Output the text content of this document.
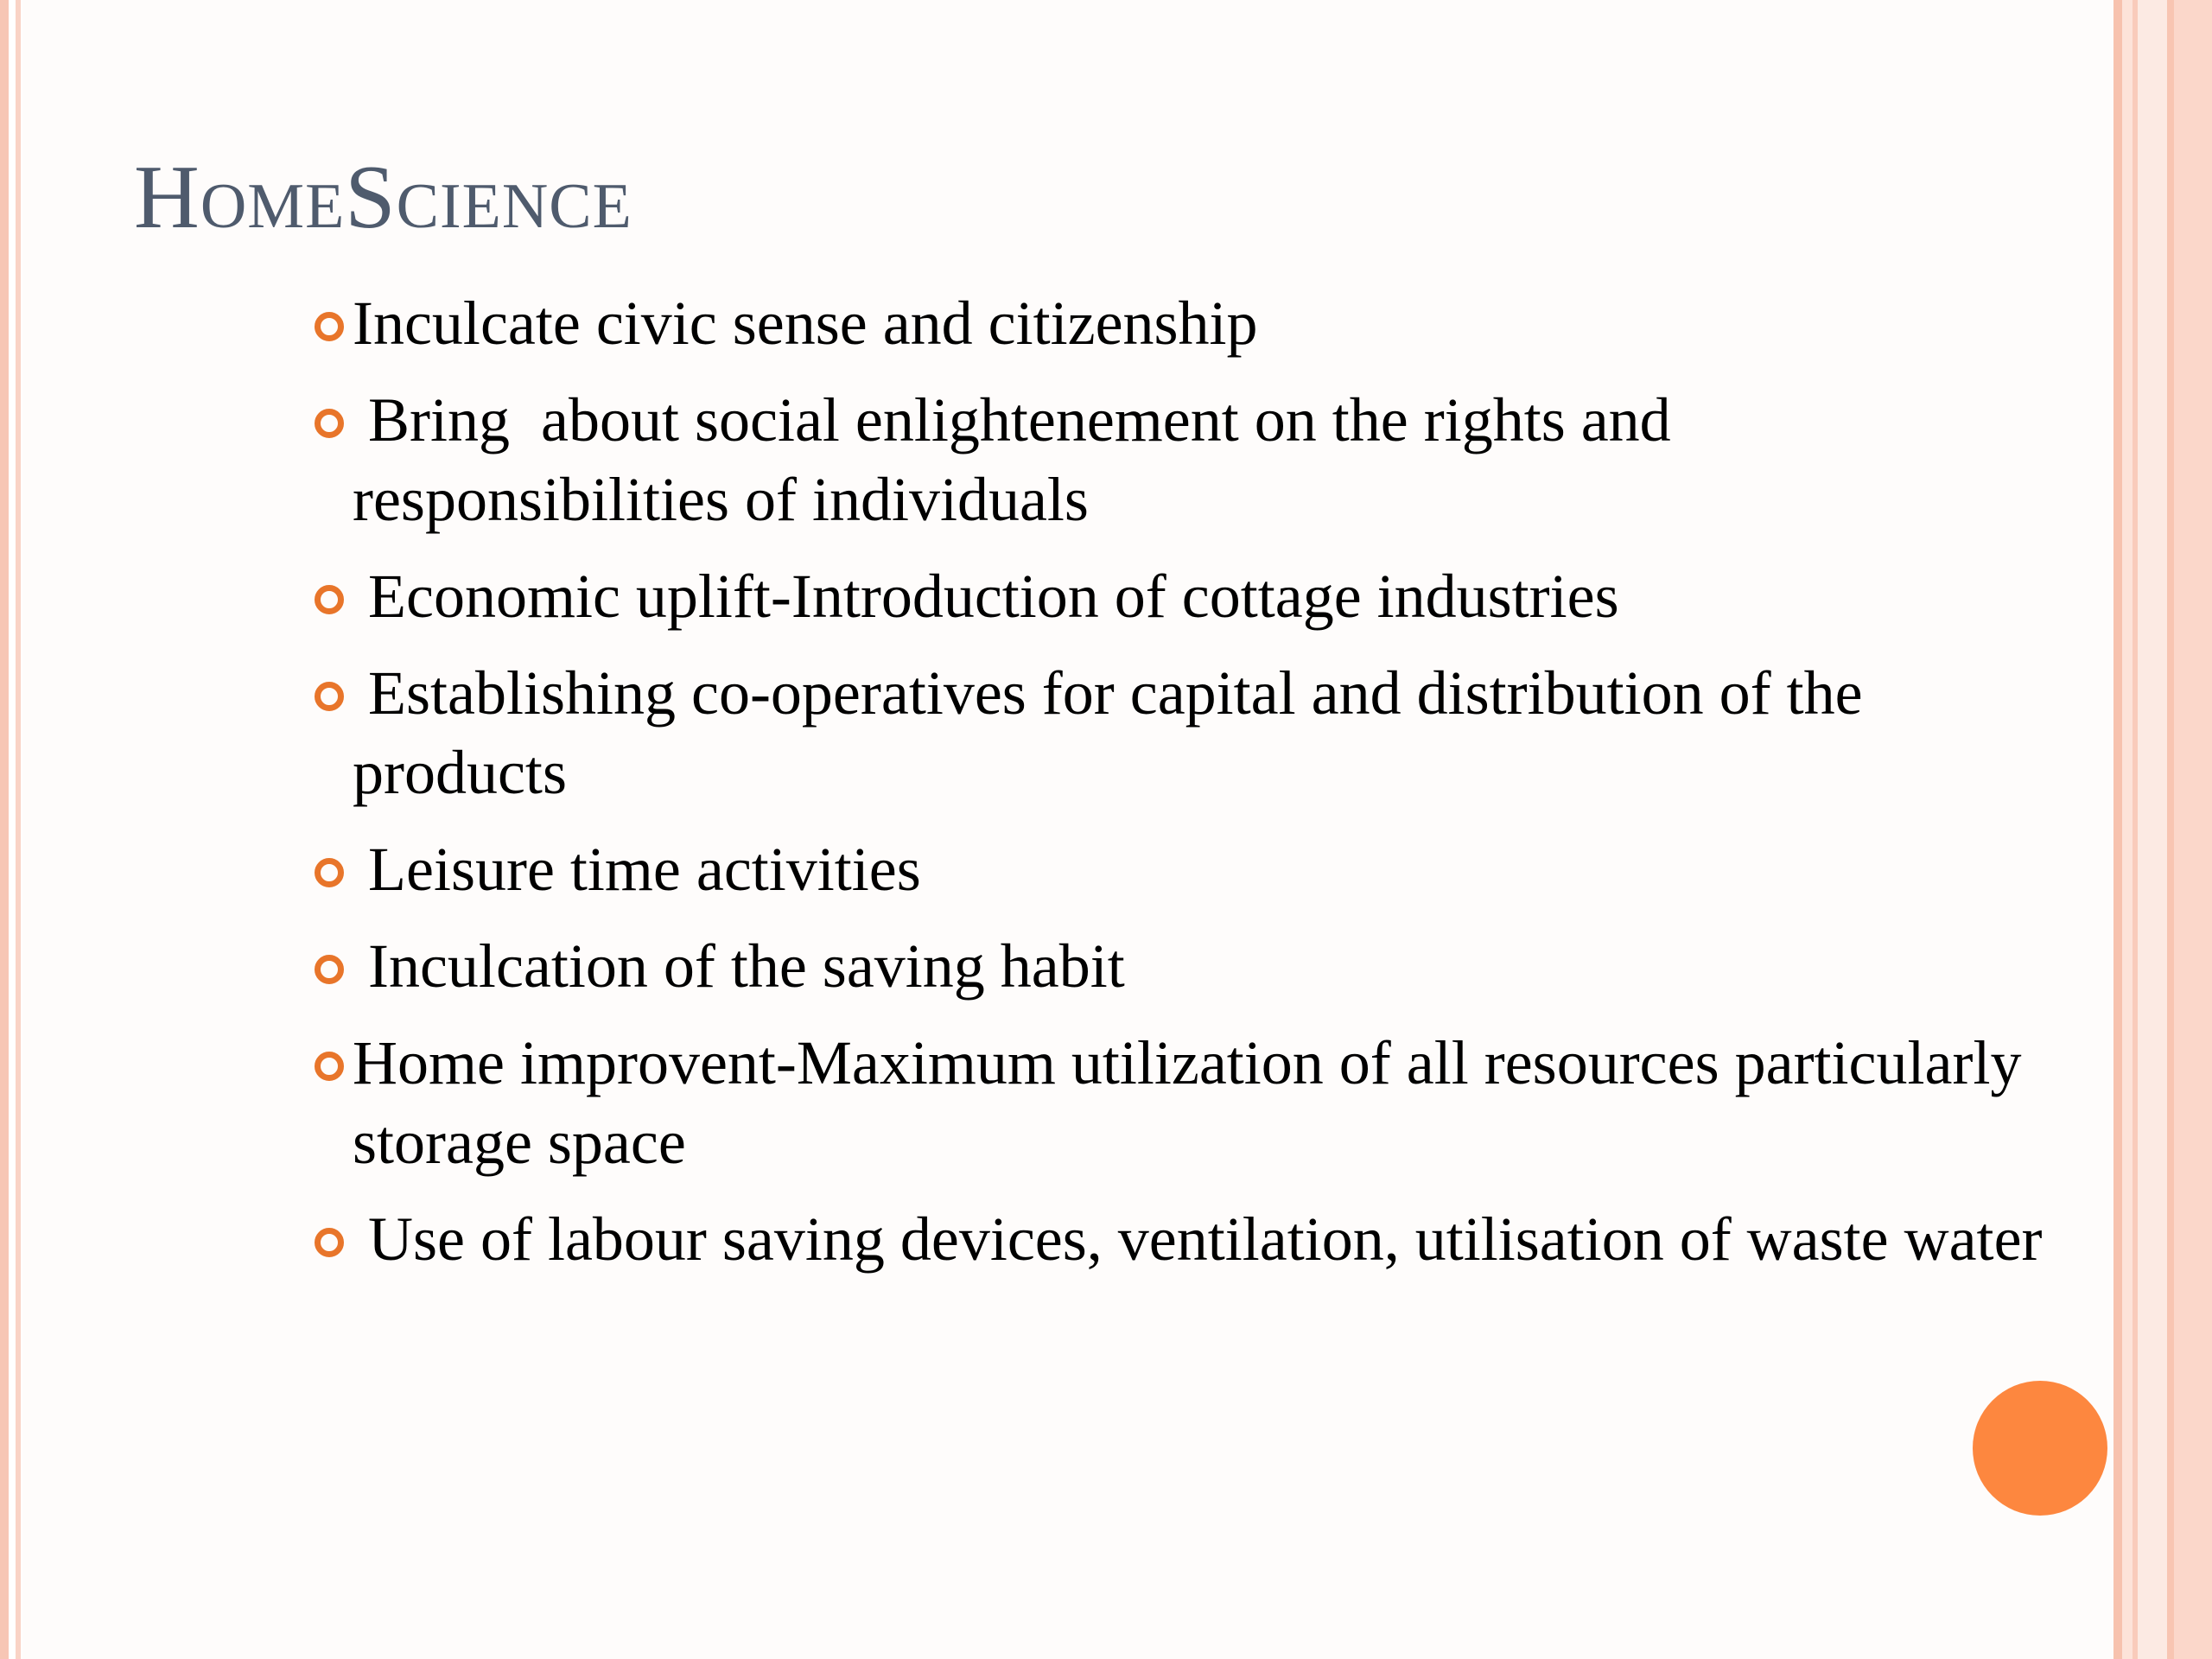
HomeScience
Inculcate civic sense and citizenship
Bring  about social enlightenement on the rights and responsibilities of individuals
Economic uplift-Introduction of cottage industries
Establishing co-operatives for capital and distribution of the products
Leisure time activities
Inculcation of the saving habit
Home improvent-Maximum utilization of all resources particularly storage space
Use of labour saving devices, ventilation, utilisation of waste water
